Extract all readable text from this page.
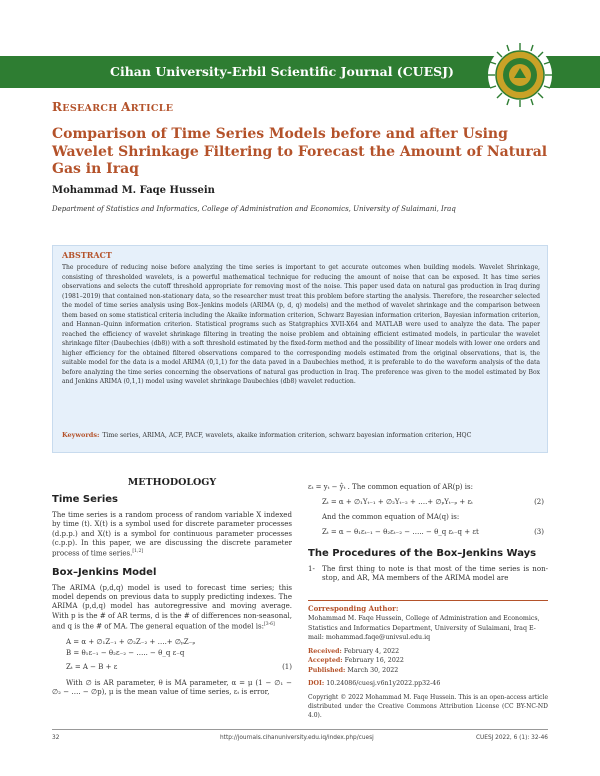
Cihan University-Erbil Scientific Journal (CUESJ)
RESEARCH ARTICLE
Comparison of Time Series Models before and after Using Wavelet Shrinkage Filtering to Forecast the Amount of Natural Gas in Iraq
Mohammad M. Faqe Hussein
Department of Statistics and Informatics, College of Administration and Economics, University of Sulaimani, Iraq
ABSTRACT

The procedure of reducing noise before analyzing the time series is important to get accurate outcomes when building models. Wavelet Shrinkage, consisting of thresholded wavelets, is a powerful mathematical technique for reducing the amount of noise that can be exposed. It has time series observations and selects the cutoff threshold appropriate for removing most of the noise. This paper used data on natural gas production in Iraq during (1981–2019) that contained non-stationary data, so the researcher must treat this problem before starting the analysis. Therefore, the researcher selected the model of time series analysis using Box–Jenkins models (ARIMA (p, d, q) models) and the method of wavelet shrinkage and the comparison between them based on some statistical criteria including the Akaike information criterion, Schwarz Bayesian information criterion, Bayesian information criterion, and Hannan–Quinn information criterion. Statistical programs such as Statgraphics XVII-X64 and MATLAB were used to analyze the data. The paper reached the efficiency of wavelet shrinkage filtering in treating the noise problem and obtaining efficient estimated models, in particular the wavelet shrinkage filter (Daubechies (db8)) with a soft threshold estimated by the fixed-form method and the possibility of linear models with lower one orders and higher efficiency for the obtained filtered observations compared to the corresponding models estimated from the original observations, that is, the suitable model for the data is a model ARIMA (0,1,1) for the data paved in a Daubechies method, it is preferable to do the waveform analysis of the data before analyzing the time series concerning the observations of natural gas production in Iraq. The preference was given to the model estimated by Box and Jenkins ARIMA (0,1,1) model using wavelet shrinkage Daubechies (db8) wavelet reduction.

Keywords: Time series, ARIMA, ACF, PACF, wavelets, akaike information criterion, schwarz bayesian information criterion, HQC
METHODOLOGY
Time Series

The time series is a random process of random variable X indexed by time (t). X(t) is a symbol used for discrete parameter processes (d.p.p.) and X(t) is a symbol for continuous parameter processes (c.p.p). In this paper, we are discussing the discrete parameter process of time series.[1,2]

Box–Jenkins Model

The ARIMA (p,d,q) model is used to forecast time series; this model depends on previous data to supply predicting indexes. The ARIMA (p,d,q) model has autoregressive and moving average. With p is the # of AR terms, d is the # of differences non-seasonal, and q is the # of MA. The general equation of the model is:[3-6]

A = α + ∅₁Z₋₁ + ∅₂Z₋₂ + ….+ ∅ₚZ₋ₚ
B = θ₁ε₋₁ − θ₂ε₋₂ − ….. − θ_q ε₋q
Zₜ = A − B + ε	(1)

With ∅ is AR parameter, θ is MA parameter, α = μ (1 − ∅₁ − ∅₂ − …. − ∅p), μ is the mean value of time series, εₜ is error,

εₜ = yₜ − ŷₜ . The common equation of AR(p) is:
Zₜ = α + ∅₁Yₜ₋₁ + ∅₂Yₜ₋₂ + ….+ ∅ₚYₜ₋ₚ + εₜ	(2)
And the common equation of MA(q) is:
Zₜ = α − θ₁εₜ₋₁ − θ₂εₜ₋₂ − ….. − θ_q εₜ₋q + εt	(3)
The Procedures of the Box–Jenkins Ways
1- The first thing to note is that most of the time series is non-stop, and AR, MA members of the ARIMA model are

Corresponding Author:

Mohammad M. Faqe Hussein, College of Administration and Economics, Statistics and Informatics Department, University of Sulaimani, Iraq E-mail: mohammad.faqe@univsul.edu.iq

Received: February 4, 2022
Accepted: February 16, 2022
Published: March 30, 2022
DOI: 10.24086/cuesj.v6n1y2022.pp32-46

Copyright © 2022 Mohammad M. Faqe Hussein. This is an open-access article distributed under the Creative Commons Attribution License (CC BY-NC-ND 4.0).

32	http://journals.cihanuniversity.edu.iq/index.php/cuesj	CUESJ 2022, 6 (1): 32-46
